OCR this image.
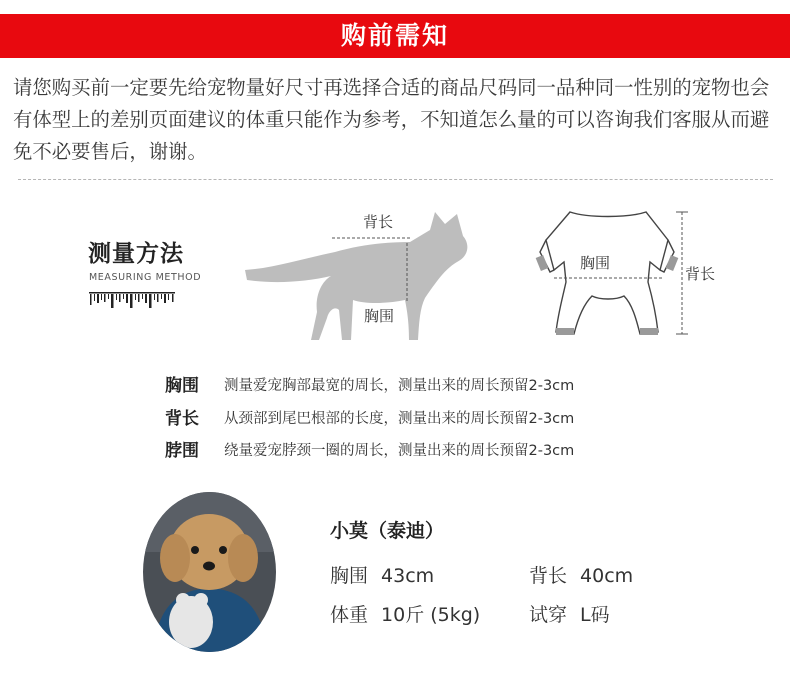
购前需知
请您购买前一定要先给宠物量好尺寸再选择合适的商品尺码同一品种同一性别的宠物也会有体型上的差别页面建议的体重只能作为参考，不知道怎么量的可以咨询我们客服从而避免不必要售后，谢谢。
测量方法
MEASURING METHOD
背长
胸围
胸围
背长
胸围 测量爱宠胸部最宽的周长，测量出来的周长预留2-3cm
背长 从颈部到尾巴根部的长度，测量出来的周长预留2-3cm
脖围 绕量爱宠脖颈一圈的周长，测量出来的周长预留2-3cm
小莫（泰迪）
胸围 43cm	背长 40cm
体重 10斤 (5kg)	试穿 L码
